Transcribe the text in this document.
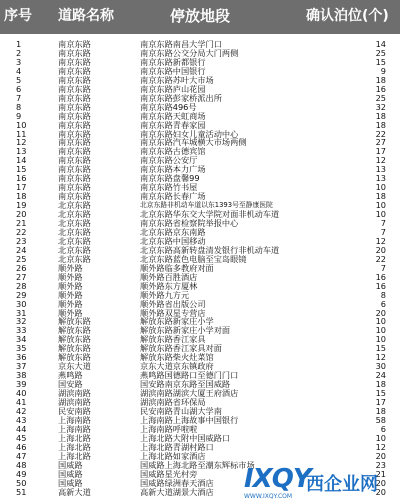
序号 道路名称	停放地段	确认泊位(个)
1	南京东路	南京东路南昌大学门口	14
2	南京东路	南京东路公交分局大门两侧	25
3	南京东路	南京东路新都银行	15
4	南京东路	南京东路中国银行	9
5	南京东路	南京东路苏叶大市场	18
6	南京东路	南京东路庐山花园	16
7	南京东路	南京东路彭家桥派出所	25
8	南京东路	南京东路496号	32
9	南京东路	南京东路天虹商场	18
10	南京东路	南京东路青春家园	18
11	南京东路	南京东路妇女儿童活动中心	22
12	南京东路	南京东路汽车城横大市场两侧	27
13	南京东路	南京东路古德宾馆	17
14	南京东路	南京东路公安厅	12
15	南京东路	南京东路本力广场	13
16	南京东路	南京东路盘馨99	13
17	南京东路	南京东路竹书屋	10
18	南京东路	南京东路长春广场	18
19	北京东路	北京东路非机动车道以东1393号至静康医院	10
20	北京东路	北京东路华东交大学院对面非机动车道	10
21	北京东路	南京东路省检察院举报中心	7
22	北京东路	北京东路京东南路	7
23	北京东路	北京东路中国移动	12
24	北京东路	北京东路高新转盘清发银行非机动车道	20
25	北京东路	北京东路蓝色电脑至宝岛眼镜	22
26	顺外路	顺外路临多教府对面	7
27	顺外路	顺外路百胜酒店	16
28	顺外路	顺外路东方厦林	16
29	顺外路	顺外路九方元	8
30	顺外路	顺外路省出版公司	6
31	顺外路	顺外路双星专营店	20
32	解放东路	解放东路新家庄小学	10
33	解放东路	解放东路新家庄小学对面	10
34	解放东路	解放东路香江家具	10
35	解放东路	解放东路香江家具对面	15
36	解放东路	解放东路柴火灶菜馆	12
37	京东大道	京东大道京东镇政府	30
38	燕鸣路	燕鸣路国德路口至德门门口	24
39	国安路	国安路南京东路至国威路	18
40	湖滨南路	湖滨南路湖滨大厦王府酒店	15
41	湖滨南路	湖滨南路省环保局	17
42	民安南路	民安南路青山湖大学南	18
43	上海南路	上海南路上海故事中国银行	58
44	上海南路	上海南路呼啦啦	6
45	上海北路	上海北路大附中国威路口	10
46	上海北路	上海北路青湖村路口	12
47	上海北路	上海北路如家酒店	20
48	国威路	国威路上海北路至潮东辉标市场	23
49	国威路	国威路星光村旁	21
50	国威路	国威路绿洲春天酒店	20
51	高新大道	高新大道湖景大酒店	20
IXQY
西企业网
WWW.IXQY.COM
